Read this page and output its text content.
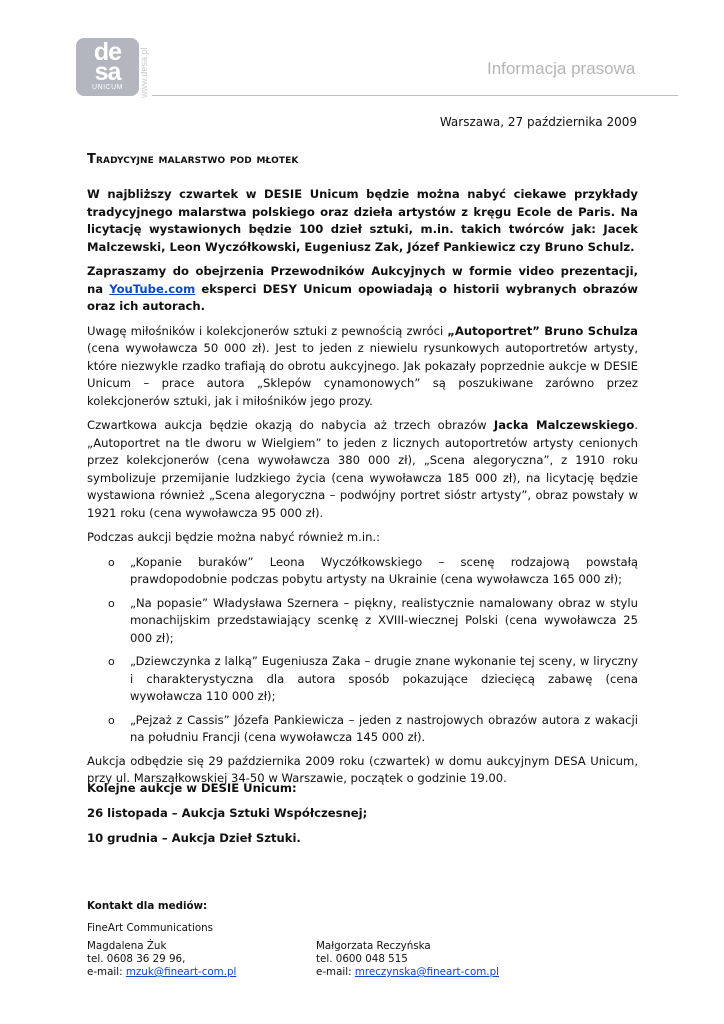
de
sa
UNICUM	www.desa.pl	Informacja prasowa
Warszawa, 27 października 2009
Tradycyjne malarstwo pod młotek

W najbliższy czwartek w DESIE Unicum będzie można nabyć ciekawe przykłady tradycyjnego malarstwa polskiego oraz dzieła artystów z kręgu Ecole de Paris. Na licytację wystawionych będzie 100 dzieł sztuki, m.in. takich twórców jak: Jacek Malczewski, Leon Wyczółkowski, Eugeniusz Zak, Józef Pankiewicz czy Bruno Schulz.

Zapraszamy do obejrzenia Przewodników Aukcyjnych w formie video prezentacji, na YouTube.com eksperci DESY Unicum opowiadają o historii wybranych obrazów oraz ich autorach.

Uwagę miłośników i kolekcjonerów sztuki z pewnością zwróci „Autoportret” Bruno Schulza (cena wywoławcza 50 000 zł). Jest to jeden z niewielu rysunkowych autoportretów artysty, które niezwykle rzadko trafiają do obrotu aukcyjnego. Jak pokazały poprzednie aukcje w DESIE Unicum – prace autora „Sklepów cynamonowych” są poszukiwane zarówno przez kolekcjonerów sztuki, jak i miłośników jego prozy.

Czwartkowa aukcja będzie okazją do nabycia aż trzech obrazów Jacka Malczewskiego. „Autoportret na tle dworu w Wielgiem” to jeden z licznych autoportretów artysty cenionych przez kolekcjonerów (cena wywoławcza 380 000 zł), „Scena alegoryczna”, z 1910 roku symbolizuje przemijanie ludzkiego życia (cena wywoławcza 185 000 zł), na licytację będzie wystawiona również „Scena alegoryczna – podwójny portret sióstr artysty”, obraz powstały w 1921 roku (cena wywoławcza 95 000 zł).

Podczas aukcji będzie można nabyć również m.in.:

o „Kopanie buraków” Leona Wyczółkowskiego – scenę rodzajową powstałą prawdopodobnie podczas pobytu artysty na Ukrainie (cena wywoławcza 165 000 zł);
o „Na popasie” Władysława Szernera – piękny, realistycznie namalowany obraz w stylu monachijskim przedstawiający scenkę z XVIII-wiecznej Polski (cena wywoławcza 25 000 zł);
o „Dziewczynka z lalką” Eugeniusza Zaka – drugie znane wykonanie tej sceny, w liryczny i charakterystyczna dla autora sposób pokazujące dziecięcą zabawę (cena wywoławcza 110 000 zł);
o „Pejzaż z Cassis” Józefa Pankiewicza – jeden z nastrojowych obrazów autora z wakacji na południu Francji (cena wywoławcza 145 000 zł).

Aukcja odbędzie się 29 października 2009 roku (czwartek) w domu aukcyjnym DESA Unicum, przy ul. Marszałkowskiej 34-50 w Warszawie, początek o godzinie 19.00.

Kolejne aukcje w DESIE Unicum:
26 listopada – Aukcja Sztuki Współczesnej;
10 grudnia – Aukcja Dzieł Sztuki.
Kontakt dla mediów:
FineArt Communications
Magdalena Żuk
tel. 0608 36 29 96,
e-mail: mzuk@fineart-com.pl
Małgorzata Reczyńska
tel. 0600 048 515
e-mail: mreczynska@fineart-com.pl
